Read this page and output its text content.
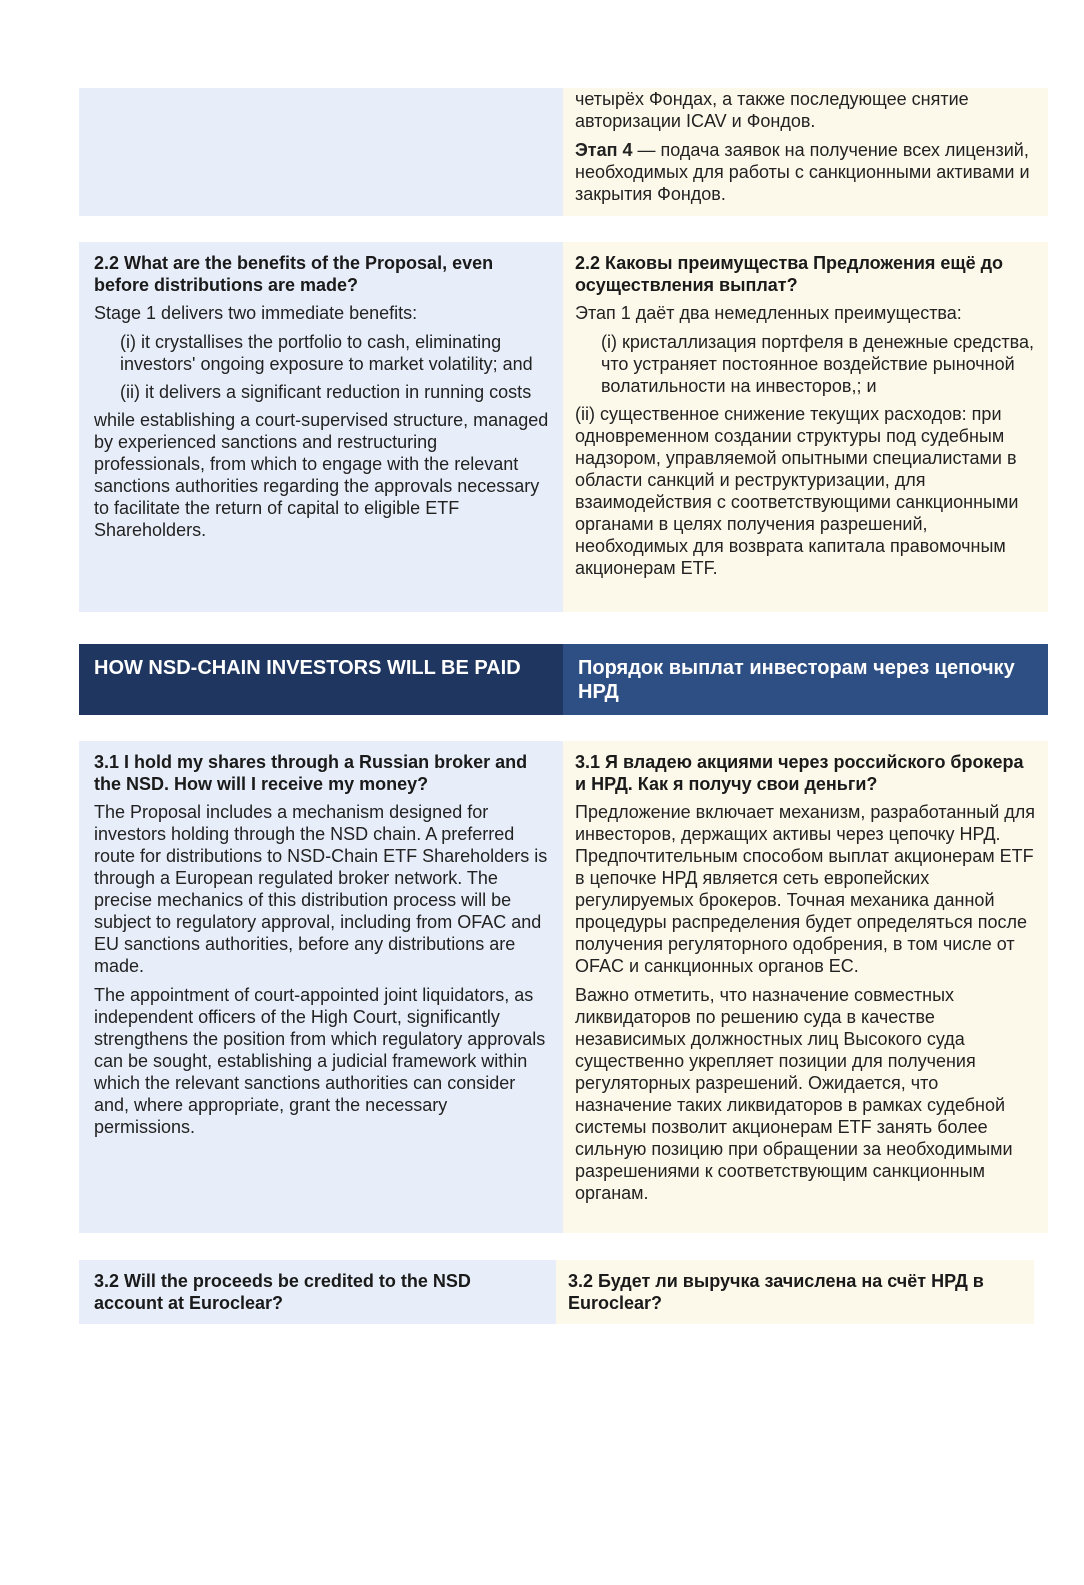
четырёх Фондах, а также последующее снятие авторизации ICAV и Фондов.

Этап 4 — подача заявок на получение всех лицензий, необходимых для работы с санкционными активами и закрытия Фондов.

2.2 What are the benefits of the Proposal, even before distributions are made?

Stage 1 delivers two immediate benefits:

(i) it crystallises the portfolio to cash, eliminating investors' ongoing exposure to market volatility; and

(ii) it delivers a significant reduction in running costs

while establishing a court-supervised structure, managed by experienced sanctions and restructuring professionals, from which to engage with the relevant sanctions authorities regarding the approvals necessary to facilitate the return of capital to eligible ETF Shareholders.

2.2 Каковы преимущества Предложения ещё до осуществления выплат?

Этап 1 даёт два немедленных преимущества:

(i) кристаллизация портфеля в денежные средства, что устраняет постоянное воздействие рыночной волатильности на инвесторов,; и

(ii) существенное снижение текущих расходов: при одновременном создании структуры под судебным надзором, управляемой опытными специалистами в области санкций и реструктуризации, для взаимодействия с соответствующими санкционными органами в целях получения разрешений, необходимых для возврата капитала правомочным акционерам ETF.

HOW NSD-CHAIN INVESTORS WILL BE PAID	Порядок выплат инвесторам через цепочку НРД

3.1 I hold my shares through a Russian broker and the NSD. How will I receive my money?

The Proposal includes a mechanism designed for investors holding through the NSD chain. A preferred route for distributions to NSD-Chain ETF Shareholders is through a European regulated broker network. The precise mechanics of this distribution process will be subject to regulatory approval, including from OFAC and EU sanctions authorities, before any distributions are made.

The appointment of court-appointed joint liquidators, as independent officers of the High Court, significantly strengthens the position from which regulatory approvals can be sought, establishing a judicial framework within which the relevant sanctions authorities can consider and, where appropriate, grant the necessary permissions.

3.1 Я владею акциями через российского брокера и НРД. Как я получу свои деньги?

Предложение включает механизм, разработанный для инвесторов, держащих активы через цепочку НРД. Предпочтительным способом выплат акционерам ETF в цепочке НРД является сеть европейских регулируемых брокеров. Точная механика данной процедуры распределения будет определяться после получения регуляторного одобрения, в том числе от OFAC и санкционных органов ЕС.

Важно отметить, что назначение совместных ликвидаторов по решению суда в качестве независимых должностных лиц Высокого суда существенно укрепляет позиции для получения регуляторных разрешений. Ожидается, что назначение таких ликвидаторов в рамках судебной системы позволит акционерам ETF занять более сильную позицию при обращении за необходимыми разрешениями к соответствующим санкционным органам.

3.2 Will the proceeds be credited to the NSD account at Euroclear?

3.2 Будет ли выручка зачислена на счёт НРД в Euroclear?
